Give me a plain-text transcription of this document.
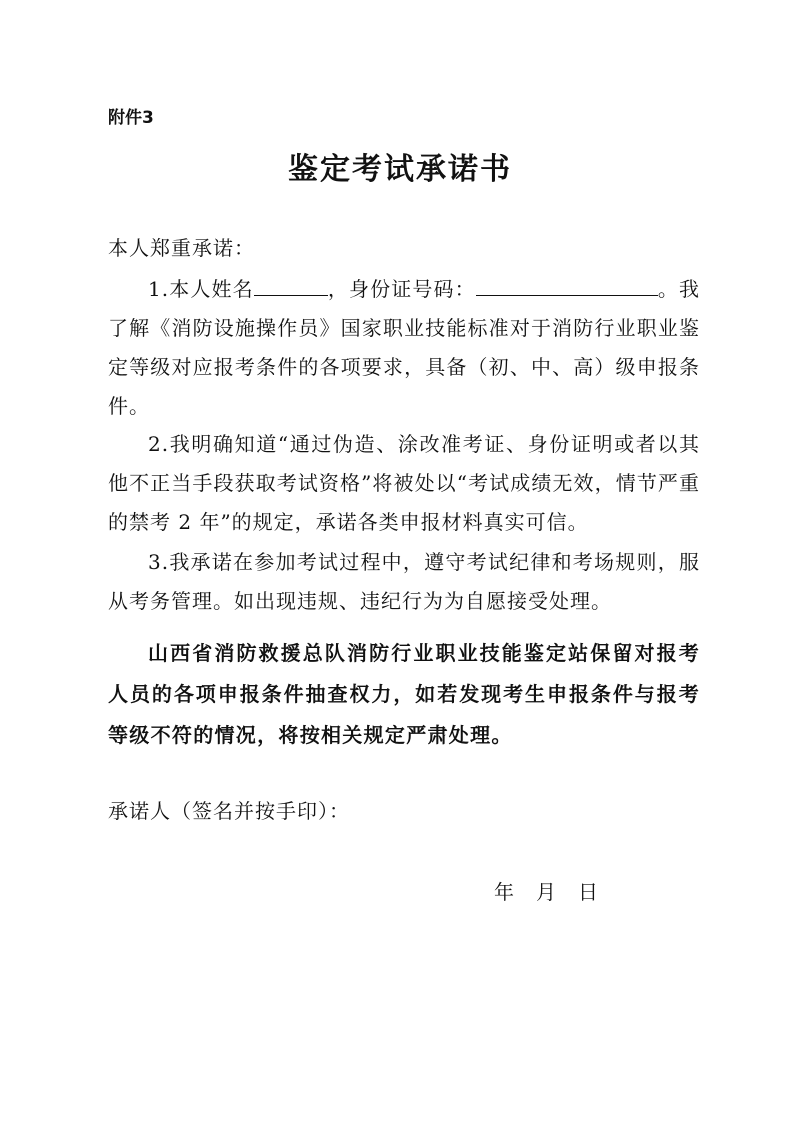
附件3
鉴定考试承诺书
本人郑重承诺：
1.本人姓名	，身份证号码：	。我了解《消防设施操作员》国家职业技能标准对于消防行业职业鉴定等级对应报考条件的各项要求，具备（初、中、高）级申报条件。
2.我明确知道“通过伪造、涂改准考证、身份证明或者以其他不正当手段获取考试资格”将被处以“考试成绩无效，情节严重的禁考 2 年”的规定，承诺各类申报材料真实可信。
3.我承诺在参加考试过程中，遵守考试纪律和考场规则，服从考务管理。如出现违规、违纪行为为自愿接受处理。
山西省消防救援总队消防行业职业技能鉴定站保留对报考人员的各项申报条件抽查权力，如若发现考生申报条件与报考等级不符的情况，将按相关规定严肃处理。
承诺人（签名并按手印）：
年 月 日
